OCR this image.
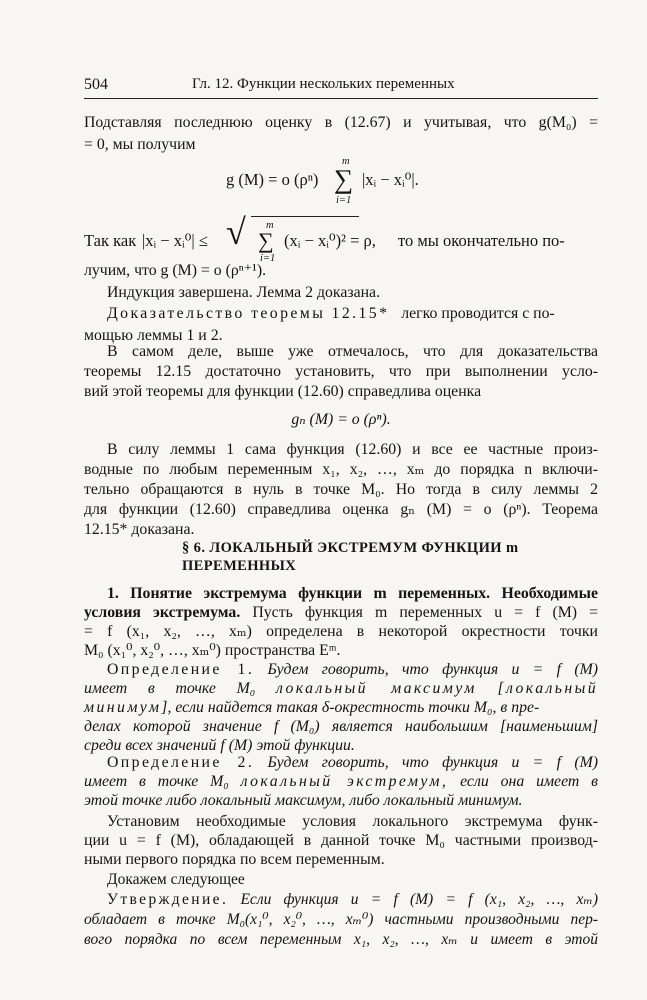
504	Гл. 12. Функции нескольких переменных
Подставляя последнюю оценку в (12.67) и учитывая, что g(M₀) =
= 0, мы получим
g (M) = o (ρⁿ)
m
∑
i=1
|xᵢ − xᵢ⁰|.
Так как |xᵢ − xᵢ⁰| ≤ √ m
∑
i=1
(xᵢ − xᵢ⁰)² = ρ, то мы окончательно по-
лучим, что g (M) = o (ρⁿ⁺¹).
Индукция завершена. Лемма 2 доказана.
Доказательство теоремы 12.15* легко проводится с по-
мощью леммы 1 и 2.
В самом деле, выше уже отмечалось, что для доказательства
теоремы 12.15 достаточно установить, что при выполнении усло-
вий этой теоремы для функции (12.60) справедлива оценка
gₙ (M) = o (ρⁿ).
В силу леммы 1 сама функция (12.60) и все ее частные произ-
водные по любым переменным x₁, x₂, …, xₘ до порядка n включи-
тельно обращаются в нуль в точке M₀. Но тогда в силу леммы 2
для функции (12.60) справедлива оценка gₙ (M) = o (ρⁿ). Теорема
12.15* доказана.
§ 6. ЛОКАЛЬНЫЙ ЭКСТРЕМУМ ФУНКЦИИ m
ПЕРЕМЕННЫХ
1. Понятие экстремума функции m переменных. Необходимые
условия экстремума. Пусть функция m переменных u = f (M) =
= f (x₁, x₂, …, xₘ) определена в некоторой окрестности точки
M₀ (x₁⁰, x₂⁰, …, xₘ⁰) пространства Eᵐ.
Определение 1. Будем говорить, что функция u = f (M)
имеет в точке M₀ локальный максимум [локальный
минимум], если найдется такая δ-окрестность точки M₀, в пре-
делах которой значение f (M₀) является наибольшим [наименьшим]
среди всех значений f (M) этой функции.
Определение 2. Будем говорить, что функция u = f (M)
имеет в точке M₀ локальный экстремум, если она имеет в
этой точке либо локальный максимум, либо локальный минимум.
Установим необходимые условия локального экстремума функ-
ции u = f (M), обладающей в данной точке M₀ частными производ-
ными первого порядка по всем переменным.
Докажем следующее
Утверждение. Если функция u = f (M) = f (x₁, x₂, …, xₘ)
обладает в точке M₀(x₁⁰, x₂⁰, …, xₘ⁰) частными производными пер-
вого порядка по всем переменным x₁, x₂, …, xₘ и имеет в этой
